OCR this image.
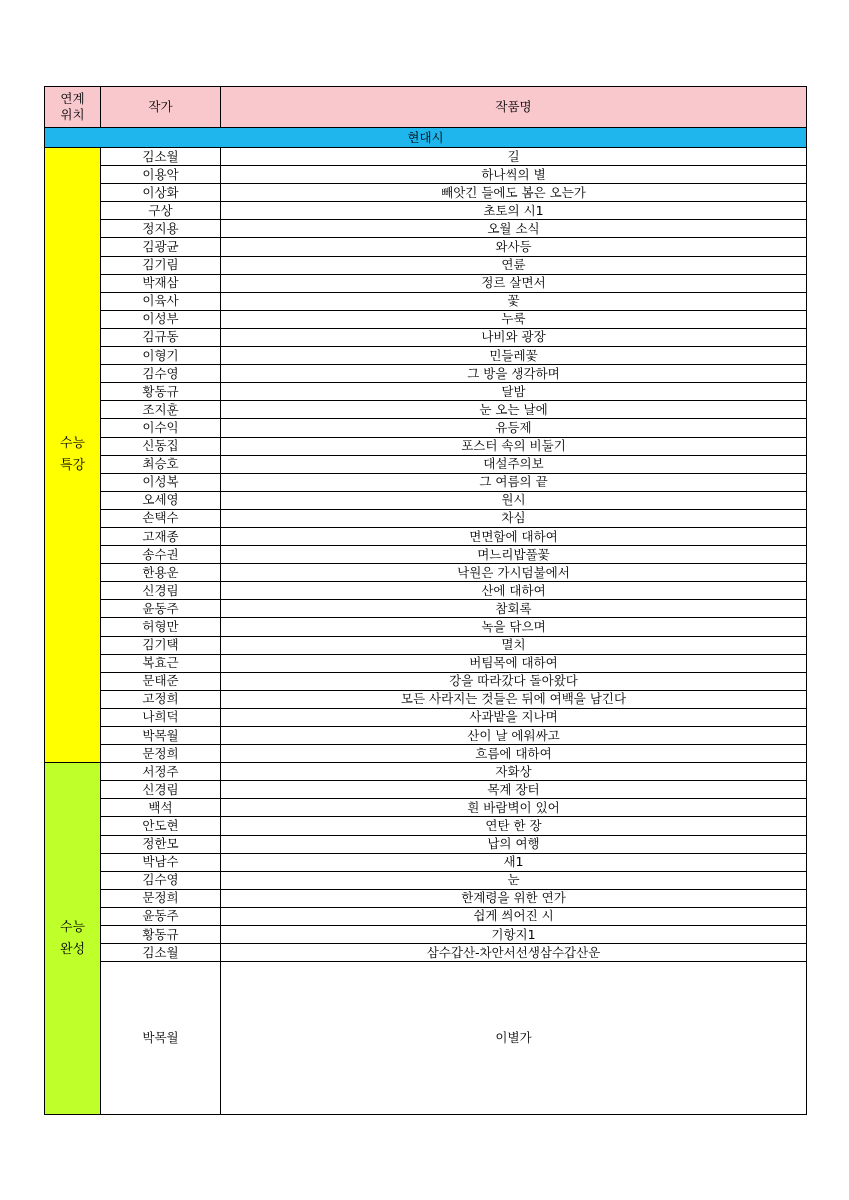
연계
위치	작가	작품명
현대시		

수능
특강	김소월	길
	이용악	하나씩의 별
	이상화	빼앗긴 들에도 봄은 오는가
	구상	초토의 시1
	정지용	오월 소식
	김광균	와사등
	김기림	연륜
	박재삼	정르 살면서
	이육사	꽃
	이성부	누룩
	김규동	나비와 광장
	이형기	민들레꽃
	김수영	그 방을 생각하며
	황동규	달밤
	조지훈	눈 오는 날에
	이수익	유등제
	신동집	포스터 속의 비둘기
	최승호	대설주의보
	이성복	그 여름의 끝
	오세영	원시
	손택수	차심
	고재종	면면함에 대하여
	송수권	며느리밥풀꽃
	한용운	낙원은 가시덤불에서
	신경림	산에 대하여
	윤동주	참회록
	허형만	녹을 닦으며
	김기택	멸치
	복효근	버팀목에 대하여
	문태준	강을 따라갔다 돌아왔다
	고정희	모든 사라지는 것들은 뒤에 여백을 남긴다
	나희덕	사과밭을 지나며
	박목월	산이 날 에워싸고
	문정희	흐름에 대하여

수능
완성	서정주	자화상
	신경림	목계 장터
	백석	흰 바람벽이 있어
	안도현	연탄 한 장
	정한모	납의 여행
	박남수	새1
	김수영	눈
	문정희	한계령을 위한 연가
	윤동주	쉽게 씌어진 시
	황동규	기항지1
	김소월	삼수갑산-차안서선생삼수갑산운
	박목월	이별가
